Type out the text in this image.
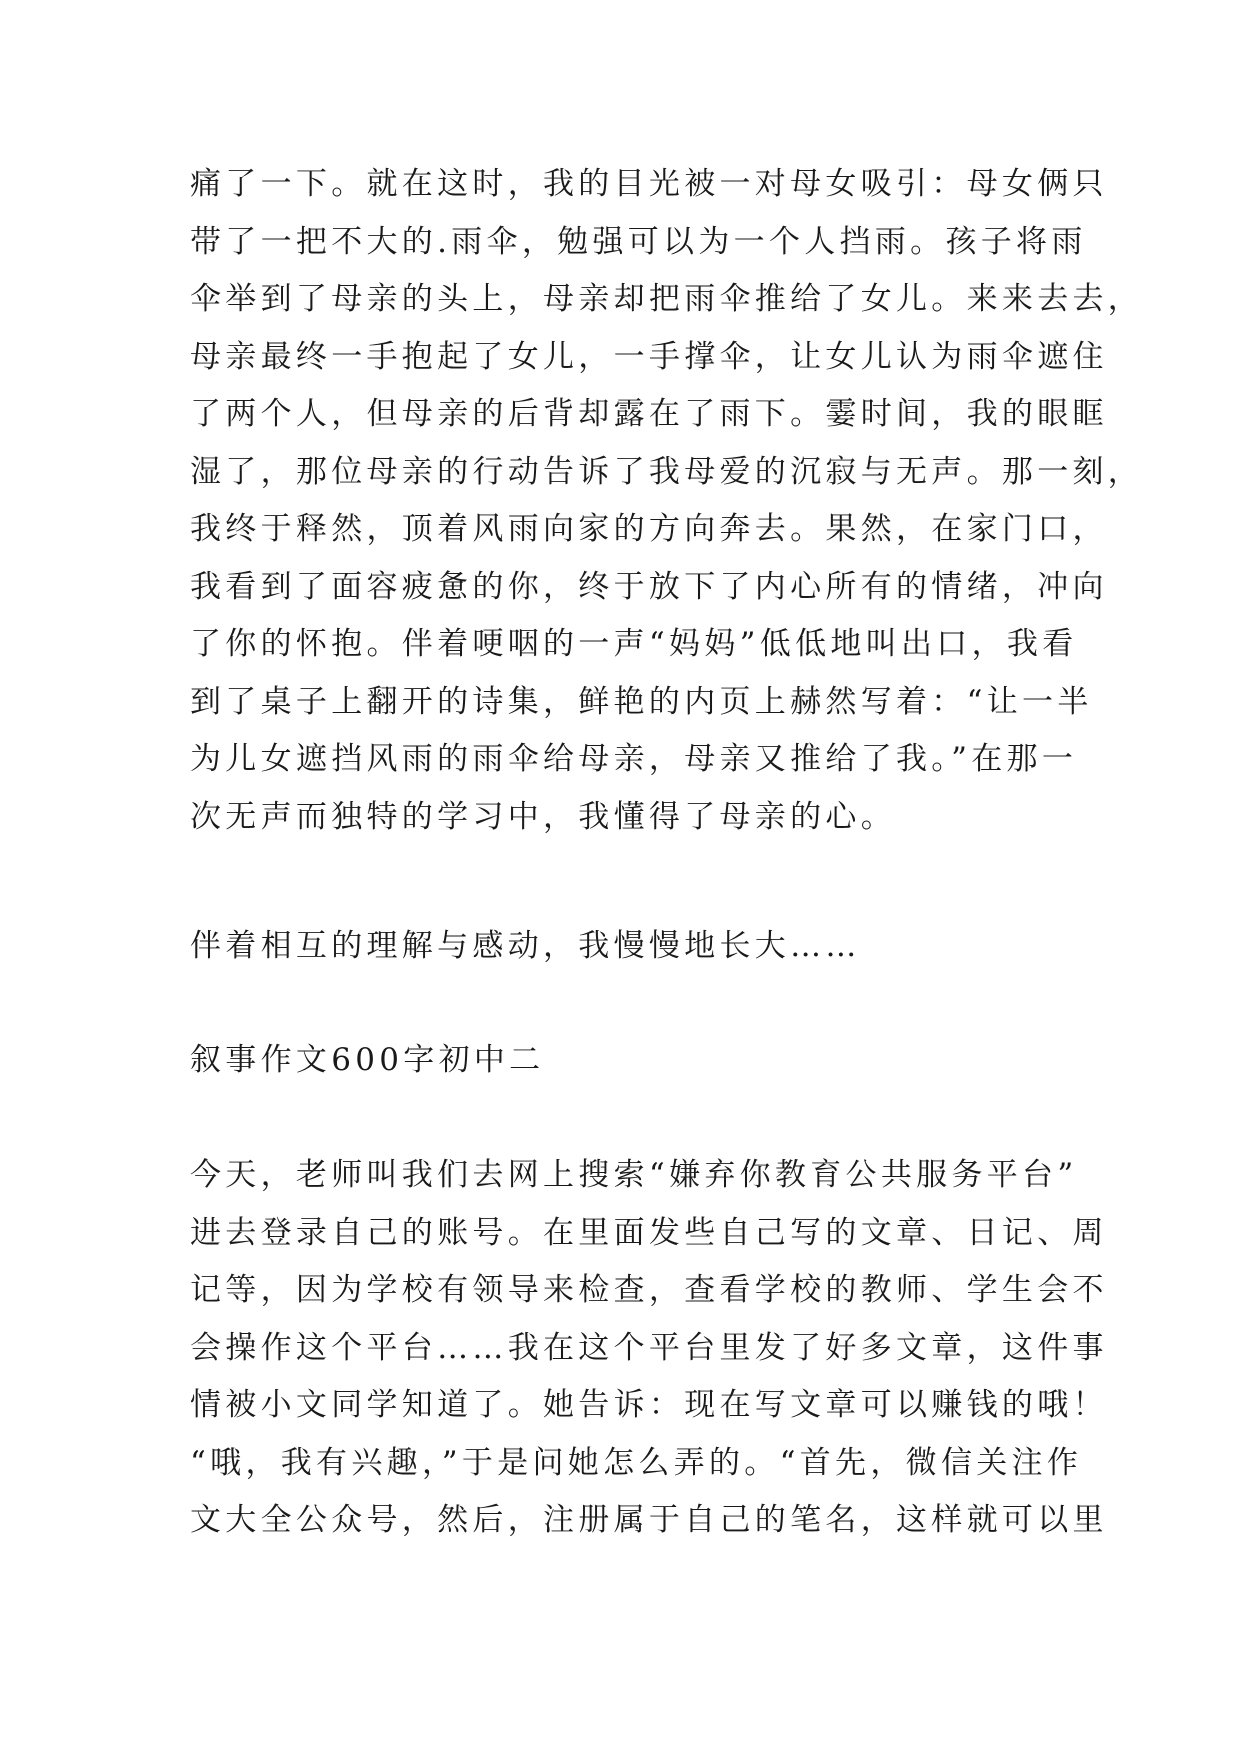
痛了一下。就在这时，我的目光被一对母女吸引：母女俩只
带了一把不大的.雨伞，勉强可以为一个人挡雨。孩子将雨
伞举到了母亲的头上，母亲却把雨伞推给了女儿。来来去去，
母亲最终一手抱起了女儿，一手撑伞，让女儿认为雨伞遮住
了两个人，但母亲的后背却露在了雨下。霎时间，我的眼眶
湿了，那位母亲的行动告诉了我母爱的沉寂与无声。那一刻，
我终于释然，顶着风雨向家的方向奔去。果然，在家门口，
我看到了面容疲惫的你，终于放下了内心所有的情绪，冲向
了你的怀抱。伴着哽咽的一声“妈妈”低低地叫出口，我看
到了桌子上翻开的诗集，鲜艳的内页上赫然写着：“让一半
为儿女遮挡风雨的雨伞给母亲，母亲又推给了我。”在那一
次无声而独特的学习中，我懂得了母亲的心。
伴着相互的理解与感动，我慢慢地长大……
叙事作文600字初中二
今天，老师叫我们去网上搜索“嫌弃你教育公共服务平台”
进去登录自己的账号。在里面发些自己写的文章、日记、周
记等，因为学校有领导来检查，查看学校的教师、学生会不
会操作这个平台……我在这个平台里发了好多文章，这件事
情被小文同学知道了。她告诉：现在写文章可以赚钱的哦！
“哦，我有兴趣，”于是问她怎么弄的。“首先，微信关注作
文大全公众号，然后，注册属于自己的笔名，这样就可以里
